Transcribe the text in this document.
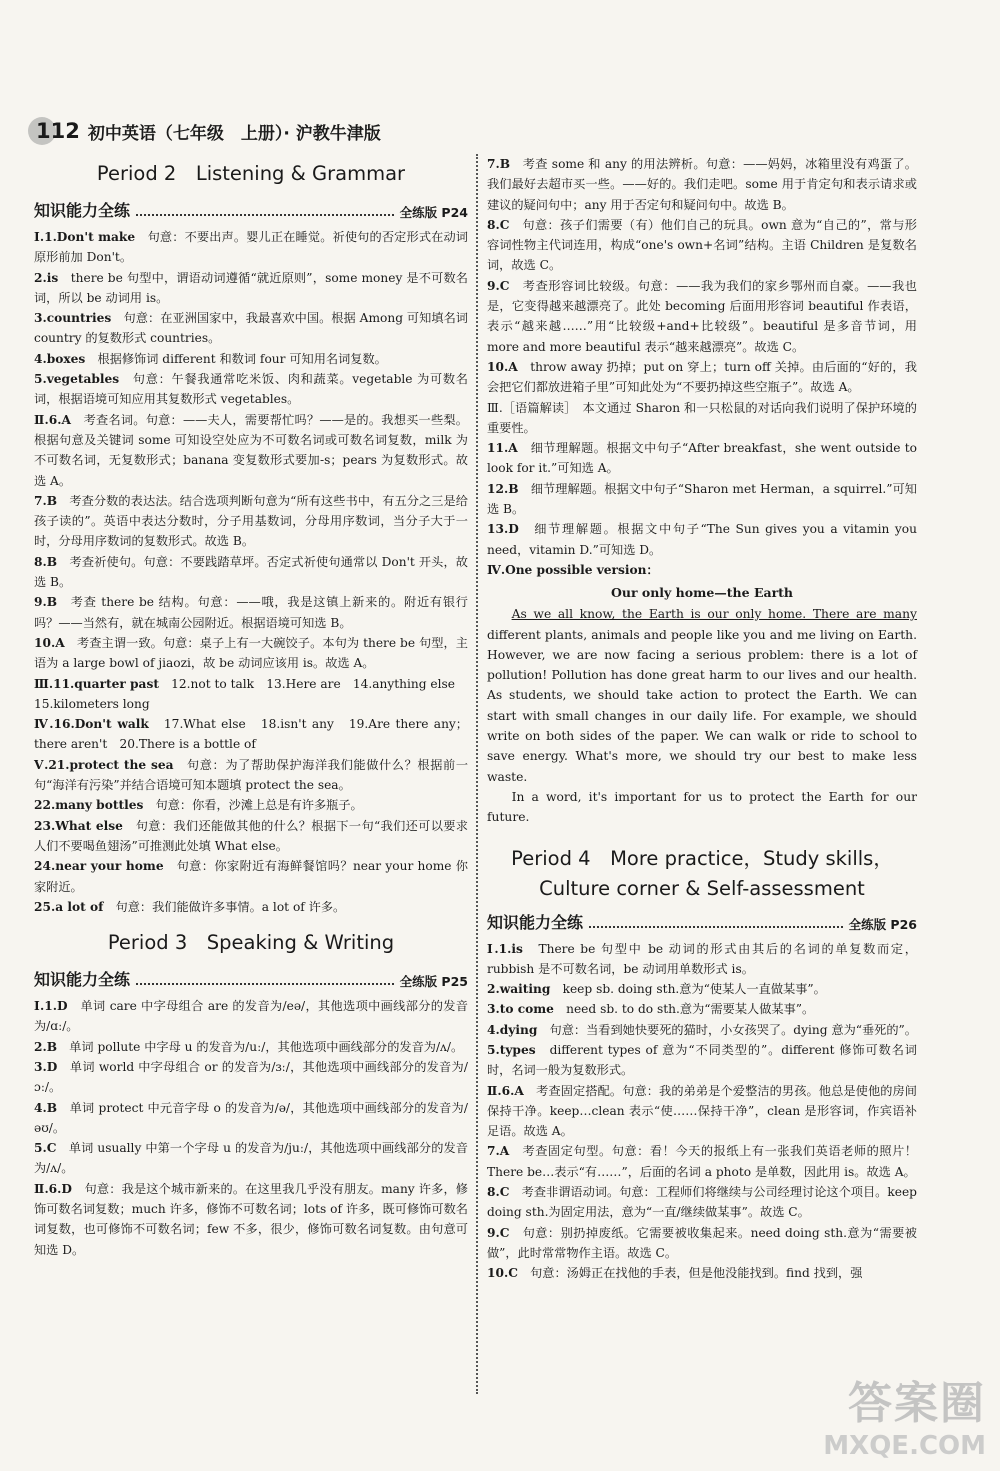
112 初中英语（七年级　上册）· 沪教牛津版
Period 2　Listening & Grammar
知识能力全练	全练版 P24

Ⅰ.1.Don't make　句意：不要出声。婴儿正在睡觉。祈使句的否定形式在动词原形前加 Don't。

2.is　there be 句型中，谓语动词遵循“就近原则”，some money 是不可数名词，所以 be 动词用 is。

3.countries　句意：在亚洲国家中，我最喜欢中国。根据 Among 可知填名词 country 的复数形式 countries。

4.boxes　根据修饰词 different 和数词 four 可知用名词复数。

5.vegetables　句意：午餐我通常吃米饭、肉和蔬菜。vegetable 为可数名词，根据语境可知应用其复数形式 vegetables。

Ⅱ.6.A　考查名词。句意：——夫人，需要帮忙吗？——是的。我想买一些梨。根据句意及关键词 some 可知设空处应为不可数名词或可数名词复数，milk 为不可数名词，无复数形式；banana 变复数形式要加-s；pears 为复数形式。故选 A。

7.B　考查分数的表达法。结合选项判断句意为“所有这些书中，有五分之三是给孩子读的”。英语中表达分数时，分子用基数词，分母用序数词，当分子大于一时，分母用序数词的复数形式。故选 B。

8.B　考查祈使句。句意：不要践踏草坪。否定式祈使句通常以 Don't 开头，故选 B。

9.B　考查 there be 结构。句意：——哦，我是这镇上新来的。附近有银行吗？——当然有，就在城南公园附近。根据语境可知选 B。

10.A　考查主谓一致。句意：桌子上有一大碗饺子。本句为 there be 句型，主语为 a large bowl of jiaozi，故 be 动词应该用 is。故选 A。

Ⅲ.11.quarter past　12.not to talk　13.Here are　14.anything else

15.kilometers long

Ⅳ.16.Don't walk　17.What else　18.isn't any　19.Are there any；there aren't　20.There is a bottle of

Ⅴ.21.protect the sea　句意：为了帮助保护海洋我们能做什么？根据前一句“海洋有污染”并结合语境可知本题填 protect the sea。

22.many bottles　句意：你看，沙滩上总是有许多瓶子。

23.What else　句意：我们还能做其他的什么？根据下一句“我们还可以要求人们不要喝鱼翅汤”可推测此处填 What else。

24.near your home　句意：你家附近有海鲜餐馆吗？near your home 你家附近。

25.a lot of　句意：我们能做许多事情。a lot of 许多。

Period 3　Speaking & Writing
知识能力全练	全练版 P25

Ⅰ.1.D　单词 care 中字母组合 are 的发音为/eə/，其他选项中画线部分的发音为/ɑː/。

2.B　单词 pollute 中字母 u 的发音为/uː/，其他选项中画线部分的发音为/ʌ/。

3.D　单词 world 中字母组合 or 的发音为/ɜː/，其他选项中画线部分的发音为/ɔː/。

4.B　单词 protect 中元音字母 o 的发音为/ə/，其他选项中画线部分的发音为/əʊ/。

5.C　单词 usually 中第一个字母 u 的发音为/juː/，其他选项中画线部分的发音为/ʌ/。

Ⅱ.6.D　句意：我是这个城市新来的。在这里我几乎没有朋友。many 许多，修饰可数名词复数；much 许多，修饰不可数名词；lots of 许多，既可修饰可数名词复数，也可修饰不可数名词；few 不多，很少，修饰可数名词复数。由句意可知选 D。

7.B　考查 some 和 any 的用法辨析。句意：——妈妈，冰箱里没有鸡蛋了。我们最好去超市买一些。——好的。我们走吧。some 用于肯定句和表示请求或建议的疑问句中；any 用于否定句和疑问句中。故选 B。

8.C　句意：孩子们需要（有）他们自己的玩具。own 意为“自己的”，常与形容词性物主代词连用，构成“one's own+名词”结构。主语 Children 是复数名词，故选 C。

9.C　考查形容词比较级。句意：——我为我们的家乡鄂州而自豪。——我也是，它变得越来越漂亮了。此处 becoming 后面用形容词 beautiful 作表语，表示“越来越……”用“比较级+and+比较级”。beautiful 是多音节词，用 more and more beautiful 表示“越来越漂亮”。故选 C。

10.A　throw away 扔掉；put on 穿上；turn off 关掉。由后面的“好的，我会把它们都放进箱子里”可知此处为“不要扔掉这些空瓶子”。故选 A。

Ⅲ.［语篇解读］　本文通过 Sharon 和一只松鼠的对话向我们说明了保护环境的重要性。

11.A　细节理解题。根据文中句子“After breakfast，she went outside to look for it.”可知选 A。

12.B　细节理解题。根据文中句子“Sharon met Herman，a squirrel.”可知选 B。

13.D　细节理解题。根据文中句子“The Sun gives you a vitamin you need，vitamin D.”可知选 D。

Ⅳ.One possible version：

Our only home—the Earth

As we all know, the Earth is our only home. There are many different plants, animals and people like you and me living on Earth. However, we are now facing a serious problem: there is a lot of pollution! Pollution has done great harm to our lives and our health. As students, we should take action to protect the Earth. We can start with small changes in our daily life. For example, we should write on both sides of the paper. We can walk or ride to school to save energy. What's more, we should try our best to make less waste.

In a word, it's important for us to protect the Earth for our future.

Period 4　More practice，Study skills，
Culture corner & Self-assessment
知识能力全练	全练版 P26

Ⅰ.1.is　There be 句型中 be 动词的形式由其后的名词的单复数而定，rubbish 是不可数名词，be 动词用单数形式 is。

2.waiting　keep sb. doing sth.意为“使某人一直做某事”。

3.to come　need sb. to do sth.意为“需要某人做某事”。

4.dying　句意：当看到她快要死的猫时，小女孩哭了。dying 意为“垂死的”。

5.types　different types of 意为“不同类型的”。different 修饰可数名词时，名词一般为复数形式。

Ⅱ.6.A　考查固定搭配。句意：我的弟弟是个爱整洁的男孩。他总是使他的房间保持干净。keep…clean 表示“使……保持干净”，clean 是形容词，作宾语补足语。故选 A。

7.A　考查固定句型。句意：看！今天的报纸上有一张我们英语老师的照片！There be…表示“有……”，后面的名词 a photo 是单数，因此用 is。故选 A。

8.C　考查非谓语动词。句意：工程师们将继续与公司经理讨论这个项目。keep doing sth.为固定用法，意为“一直/继续做某事”。故选 C。

9.C　句意：别扔掉废纸。它需要被收集起来。need doing sth.意为“需要被做”，此时常常物作主语。故选 C。

10.C　句意：汤姆正在找他的手表，但是他没能找到。find 找到，强

答案圈
MXQE.COM
